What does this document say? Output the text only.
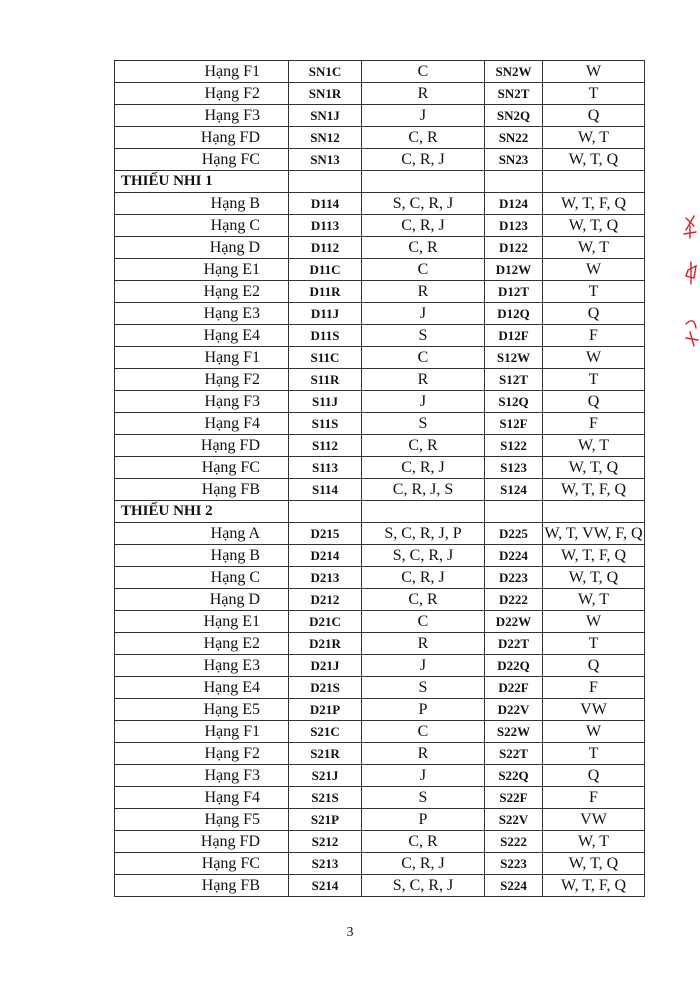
Hạng F1	SN1C	C	SN2W	W
Hạng F2	SN1R	R	SN2T	T
Hạng F3	SN1J	J	SN2Q	Q
Hạng FD	SN12	C, R	SN22	W, T
Hạng FC	SN13	C, R, J	SN23	W, T, Q
THIẾU NHI 1				
Hạng B	D114	S, C, R, J	D124	W, T, F, Q
Hạng C	D113	C, R, J	D123	W, T, Q
Hạng D	D112	C, R	D122	W, T
Hạng E1	D11C	C	D12W	W
Hạng E2	D11R	R	D12T	T
Hạng E3	D11J	J	D12Q	Q
Hạng E4	D11S	S	D12F	F
Hạng F1	S11C	C	S12W	W
Hạng F2	S11R	R	S12T	T
Hạng F3	S11J	J	S12Q	Q
Hạng F4	S11S	S	S12F	F
Hạng FD	S112	C, R	S122	W, T
Hạng FC	S113	C, R, J	S123	W, T, Q
Hạng FB	S114	C, R, J, S	S124	W, T, F, Q
THIẾU NHI 2				
Hạng A	D215	S, C, R, J, P	D225	W, T, VW, F, Q
Hạng B	D214	S, C, R, J	D224	W, T, F, Q
Hạng C	D213	C, R, J	D223	W, T, Q
Hạng D	D212	C, R	D222	W, T
Hạng E1	D21C	C	D22W	W
Hạng E2	D21R	R	D22T	T
Hạng E3	D21J	J	D22Q	Q
Hạng E4	D21S	S	D22F	F
Hạng E5	D21P	P	D22V	VW
Hạng F1	S21C	C	S22W	W
Hạng F2	S21R	R	S22T	T
Hạng F3	S21J	J	S22Q	Q
Hạng F4	S21S	S	S22F	F
Hạng F5	S21P	P	S22V	VW
Hạng FD	S212	C, R	S222	W, T
Hạng FC	S213	C, R, J	S223	W, T, Q
Hạng FB	S214	S, C, R, J	S224	W, T, F, Q
3
